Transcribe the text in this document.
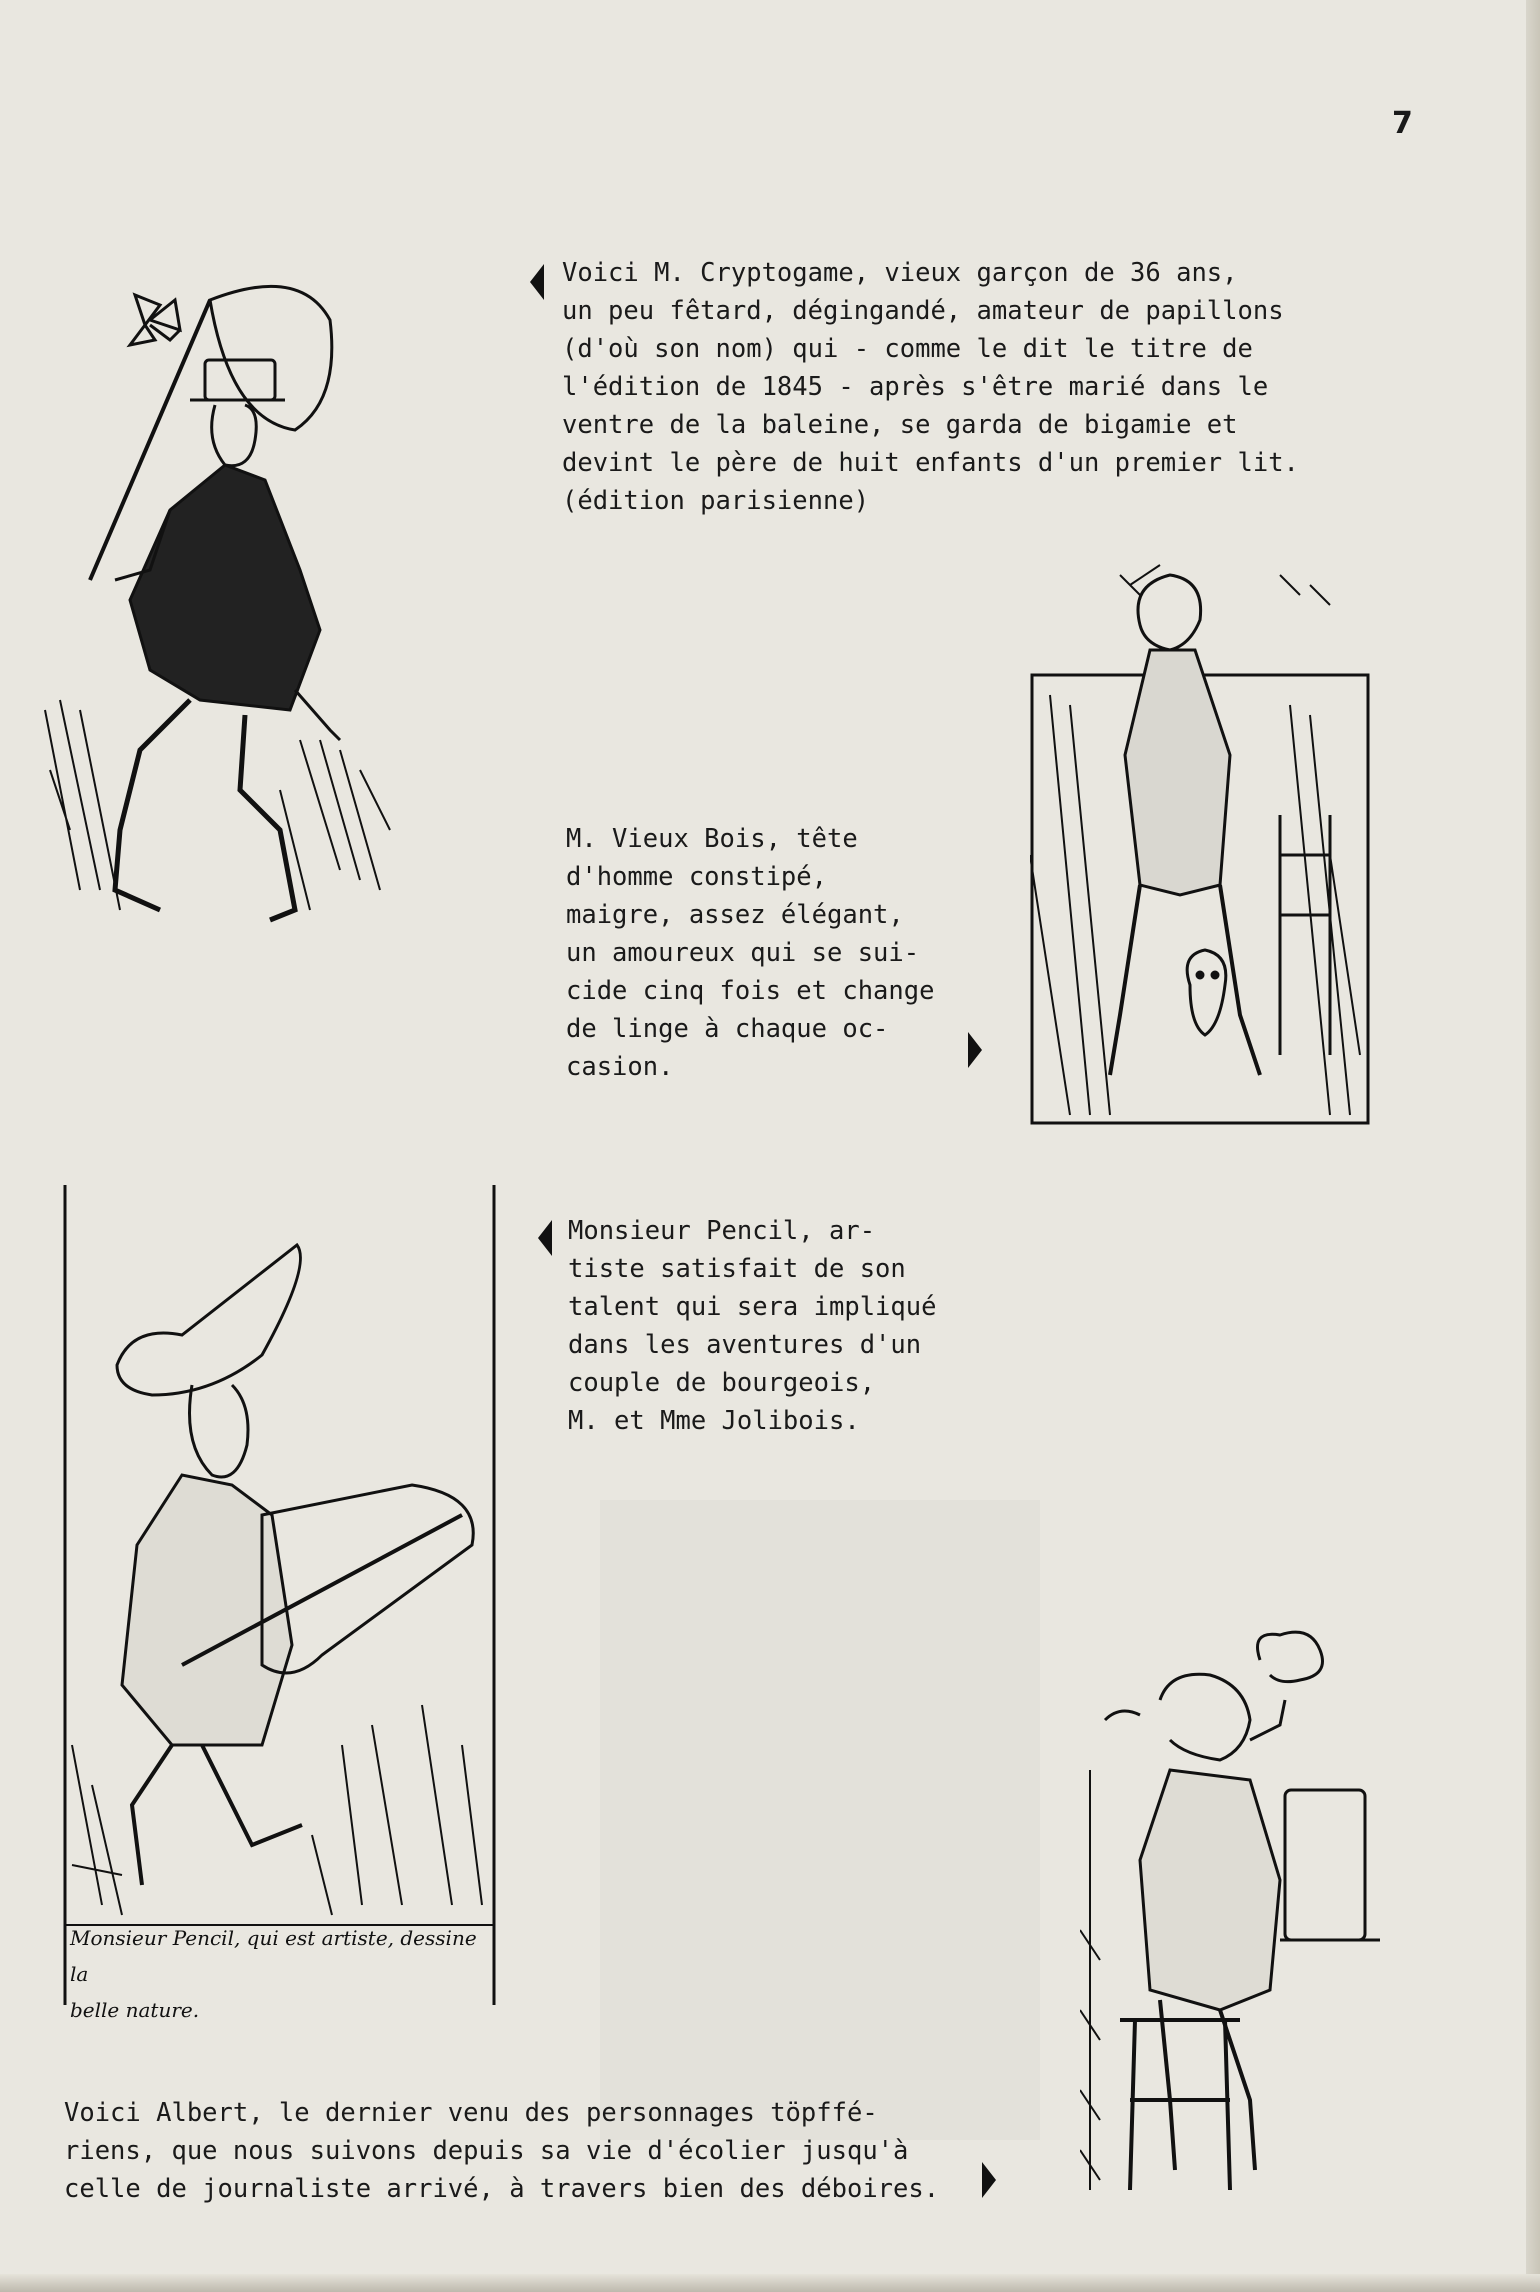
7
Voici M. Cryptogame, vieux garçon de 36 ans,
un peu fêtard, dégingandé, amateur de papillons
(d'où son nom) qui - comme le dit le titre de
l'édition de 1845 - après s'être marié dans le
ventre de la baleine, se garda de bigamie et
devint le père de huit enfants d'un premier lit.
(édition parisienne)
M. Vieux Bois, tête
d'homme constipé,
maigre, assez élégant,
un amoureux qui se sui-
cide cinq fois et change
de linge à chaque oc-
casion.
Monsieur Pencil, ar-
tiste satisfait de son
talent qui sera impliqué
dans les aventures d'un
couple de bourgeois,
M. et Mme Jolibois.
Monsieur Pencil, qui est artiste, dessine la
belle nature.
Voici Albert, le dernier venu des personnages töpffé-
riens, que nous suivons depuis sa vie d'écolier jusqu'à
celle de journaliste arrivé, à travers bien des déboires.
